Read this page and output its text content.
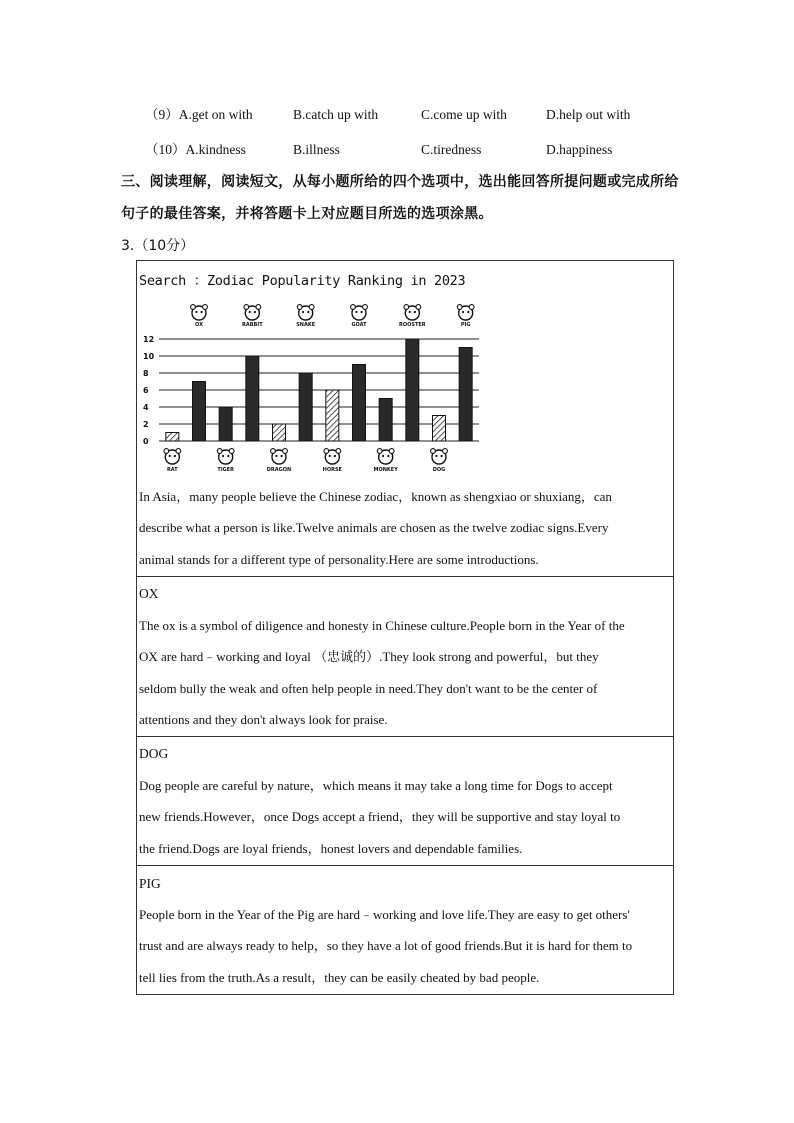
（9）A.get on with	B.catch up with	C.come up with	D.help out with
（10）A.kindness	B.illness	C.tiredness	D.happiness
三、阅读理解，阅读短文，从每小题所给的四个选项中，选出能回答所提问题或完成所给
句子的最佳答案，并将答题卡上对应题目所选的选项涂黑。
3.（10分）
Search ：Zodiac Popularity Ranking in 2023
0
2
4
6
8
10
12
RAT
OX
TIGER
RABBIT
DRAGON
SNAKE
HORSE
GOAT
MONKEY
ROOSTER
DOG
PIG
In Asia，many people believe the Chinese zodiac，known as shengxiao or shuxiang，can
describe what a person is like.Twelve animals are chosen as the twelve zodiac signs.Every
animal stands for a different type of personality.Here are some introductions.
OX
The ox is a symbol of diligence and honesty in Chinese culture.People born in the Year of the
OX are hard﹣working and loyal （忠诚的）.They look strong and powerful，but they
seldom bully the weak and often help people in need.They don't want to be the center of
attentions and they don't always look for praise.
DOG
Dog people are careful by nature，which means it may take a long time for Dogs to accept
new friends.However，once Dogs accept a friend，they will be supportive and stay loyal to
the friend.Dogs are loyal friends，honest lovers and dependable families.
PIG
People born in the Year of the Pig are hard﹣working and love life.They are easy to get others'
trust and are always ready to help，so they have a lot of good friends.But it is hard for them to
tell lies from the truth.As a result，they can be easily cheated by bad people.
